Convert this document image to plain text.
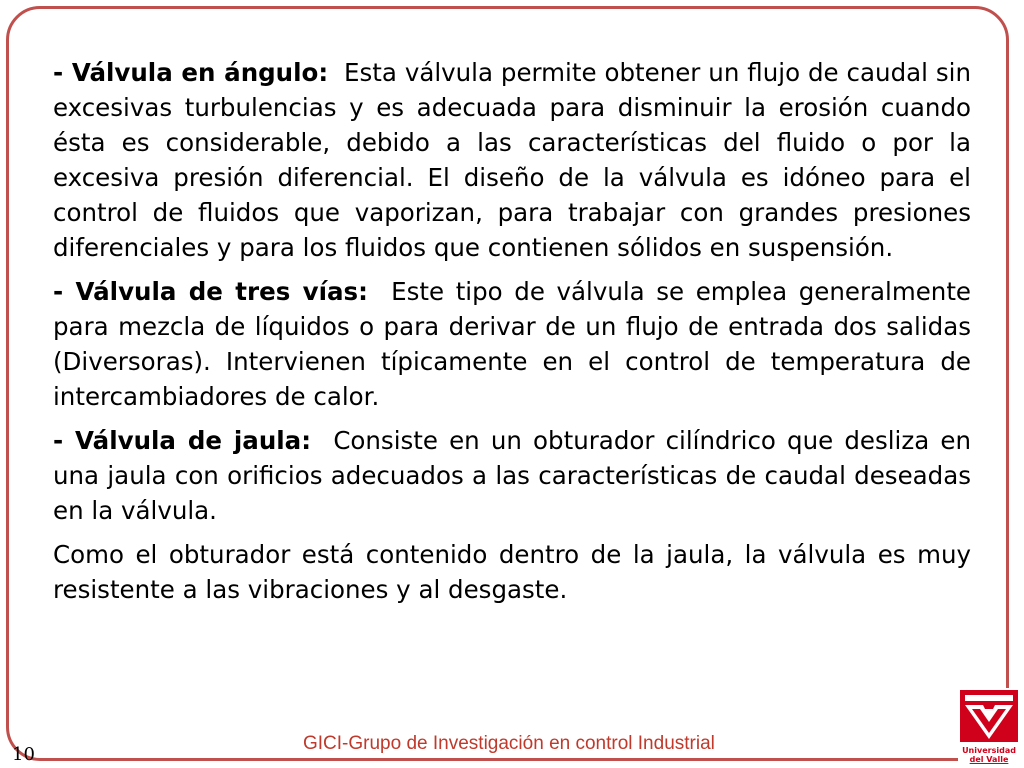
- Válvula en ángulo: Esta válvula permite obtener un flujo de caudal sin excesivas turbulencias y es adecuada para disminuir la erosión cuando ésta es considerable, debido a las características del fluido o por la excesiva presión diferencial. El diseño de la válvula es idóneo para el control de fluidos que vaporizan, para trabajar con grandes presiones diferenciales y para los fluidos que contienen sólidos en suspensión.

- Válvula de tres vías: Este tipo de válvula se emplea generalmente para mezcla de líquidos o para derivar de un flujo de entrada dos salidas (Diversoras). Intervienen típicamente en el control de temperatura de intercambiadores de calor.

- Válvula de jaula: Consiste en un obturador cilíndrico que desliza en una jaula con orificios adecuados a las características de caudal deseadas en la válvula.

Como el obturador está contenido dentro de la jaula, la válvula es muy resistente a las vibraciones y al desgaste.

GICI-Grupo de Investigación en control Industrial
10	Universidad
del Valle
